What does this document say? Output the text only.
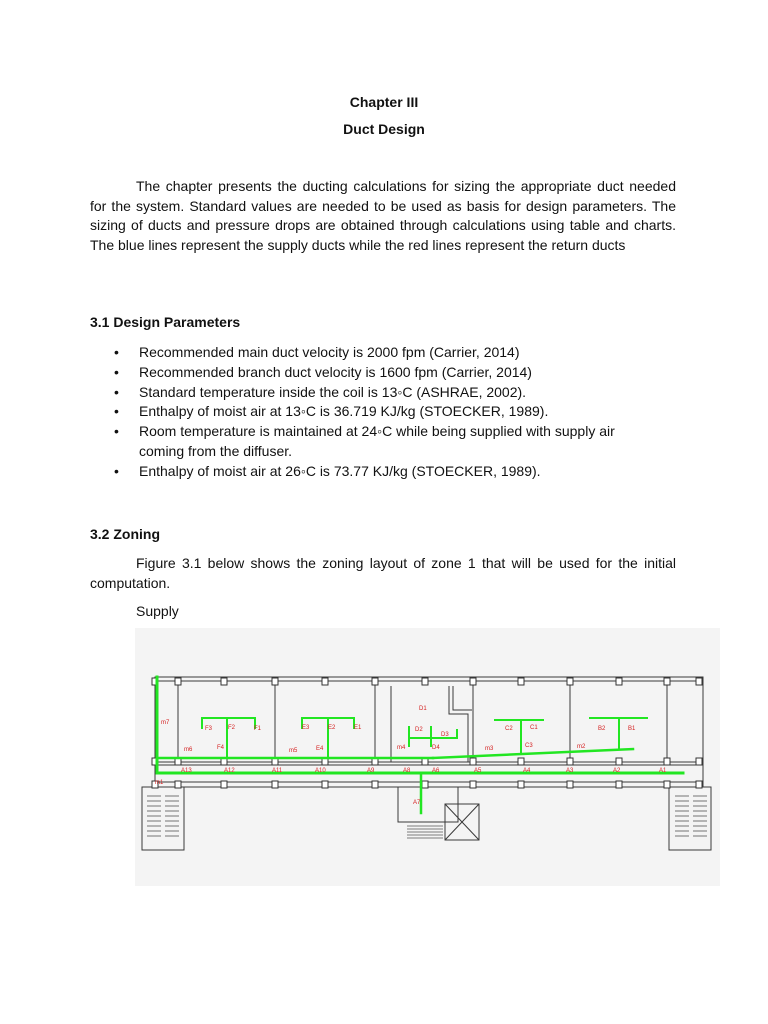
Chapter III
Duct Design
The chapter presents the ducting calculations for sizing the appropriate duct needed for the system. Standard values are needed to be used as basis for design parameters. The sizing of ducts and pressure drops are obtained through calculations using table and charts. The blue lines represent the supply ducts while the red lines represent the return ducts
3.1 Design Parameters
• Recommended main duct velocity is 2000 fpm (Carrier, 2014)
• Recommended branch duct velocity is 1600 fpm (Carrier, 2014)
• Standard temperature inside the coil is 13◦C (ASHRAE, 2002).
• Enthalpy of moist air at 13◦C is 36.719 KJ/kg (STOECKER, 1989).
• Room temperature is maintained at 24◦C while being supplied with supply air coming from the diffuser.
• Enthalpy of moist air at 26◦C is 73.77 KJ/kg (STOECKER, 1989).
3.2 Zoning
Figure 3.1 below shows the zoning layout of zone 1 that will be used for the initial computation.
Supply
m7
m6	m5	m4	m3	m2
m1
F3	F2	F1
F4
E3	E2	E1
E4
D1
D2
D3
D4
C2	C1
C3
B2	B1
A13	A12	A11	A10	A9	A8	A6	A5	A4	A3	A2	A1
A7
